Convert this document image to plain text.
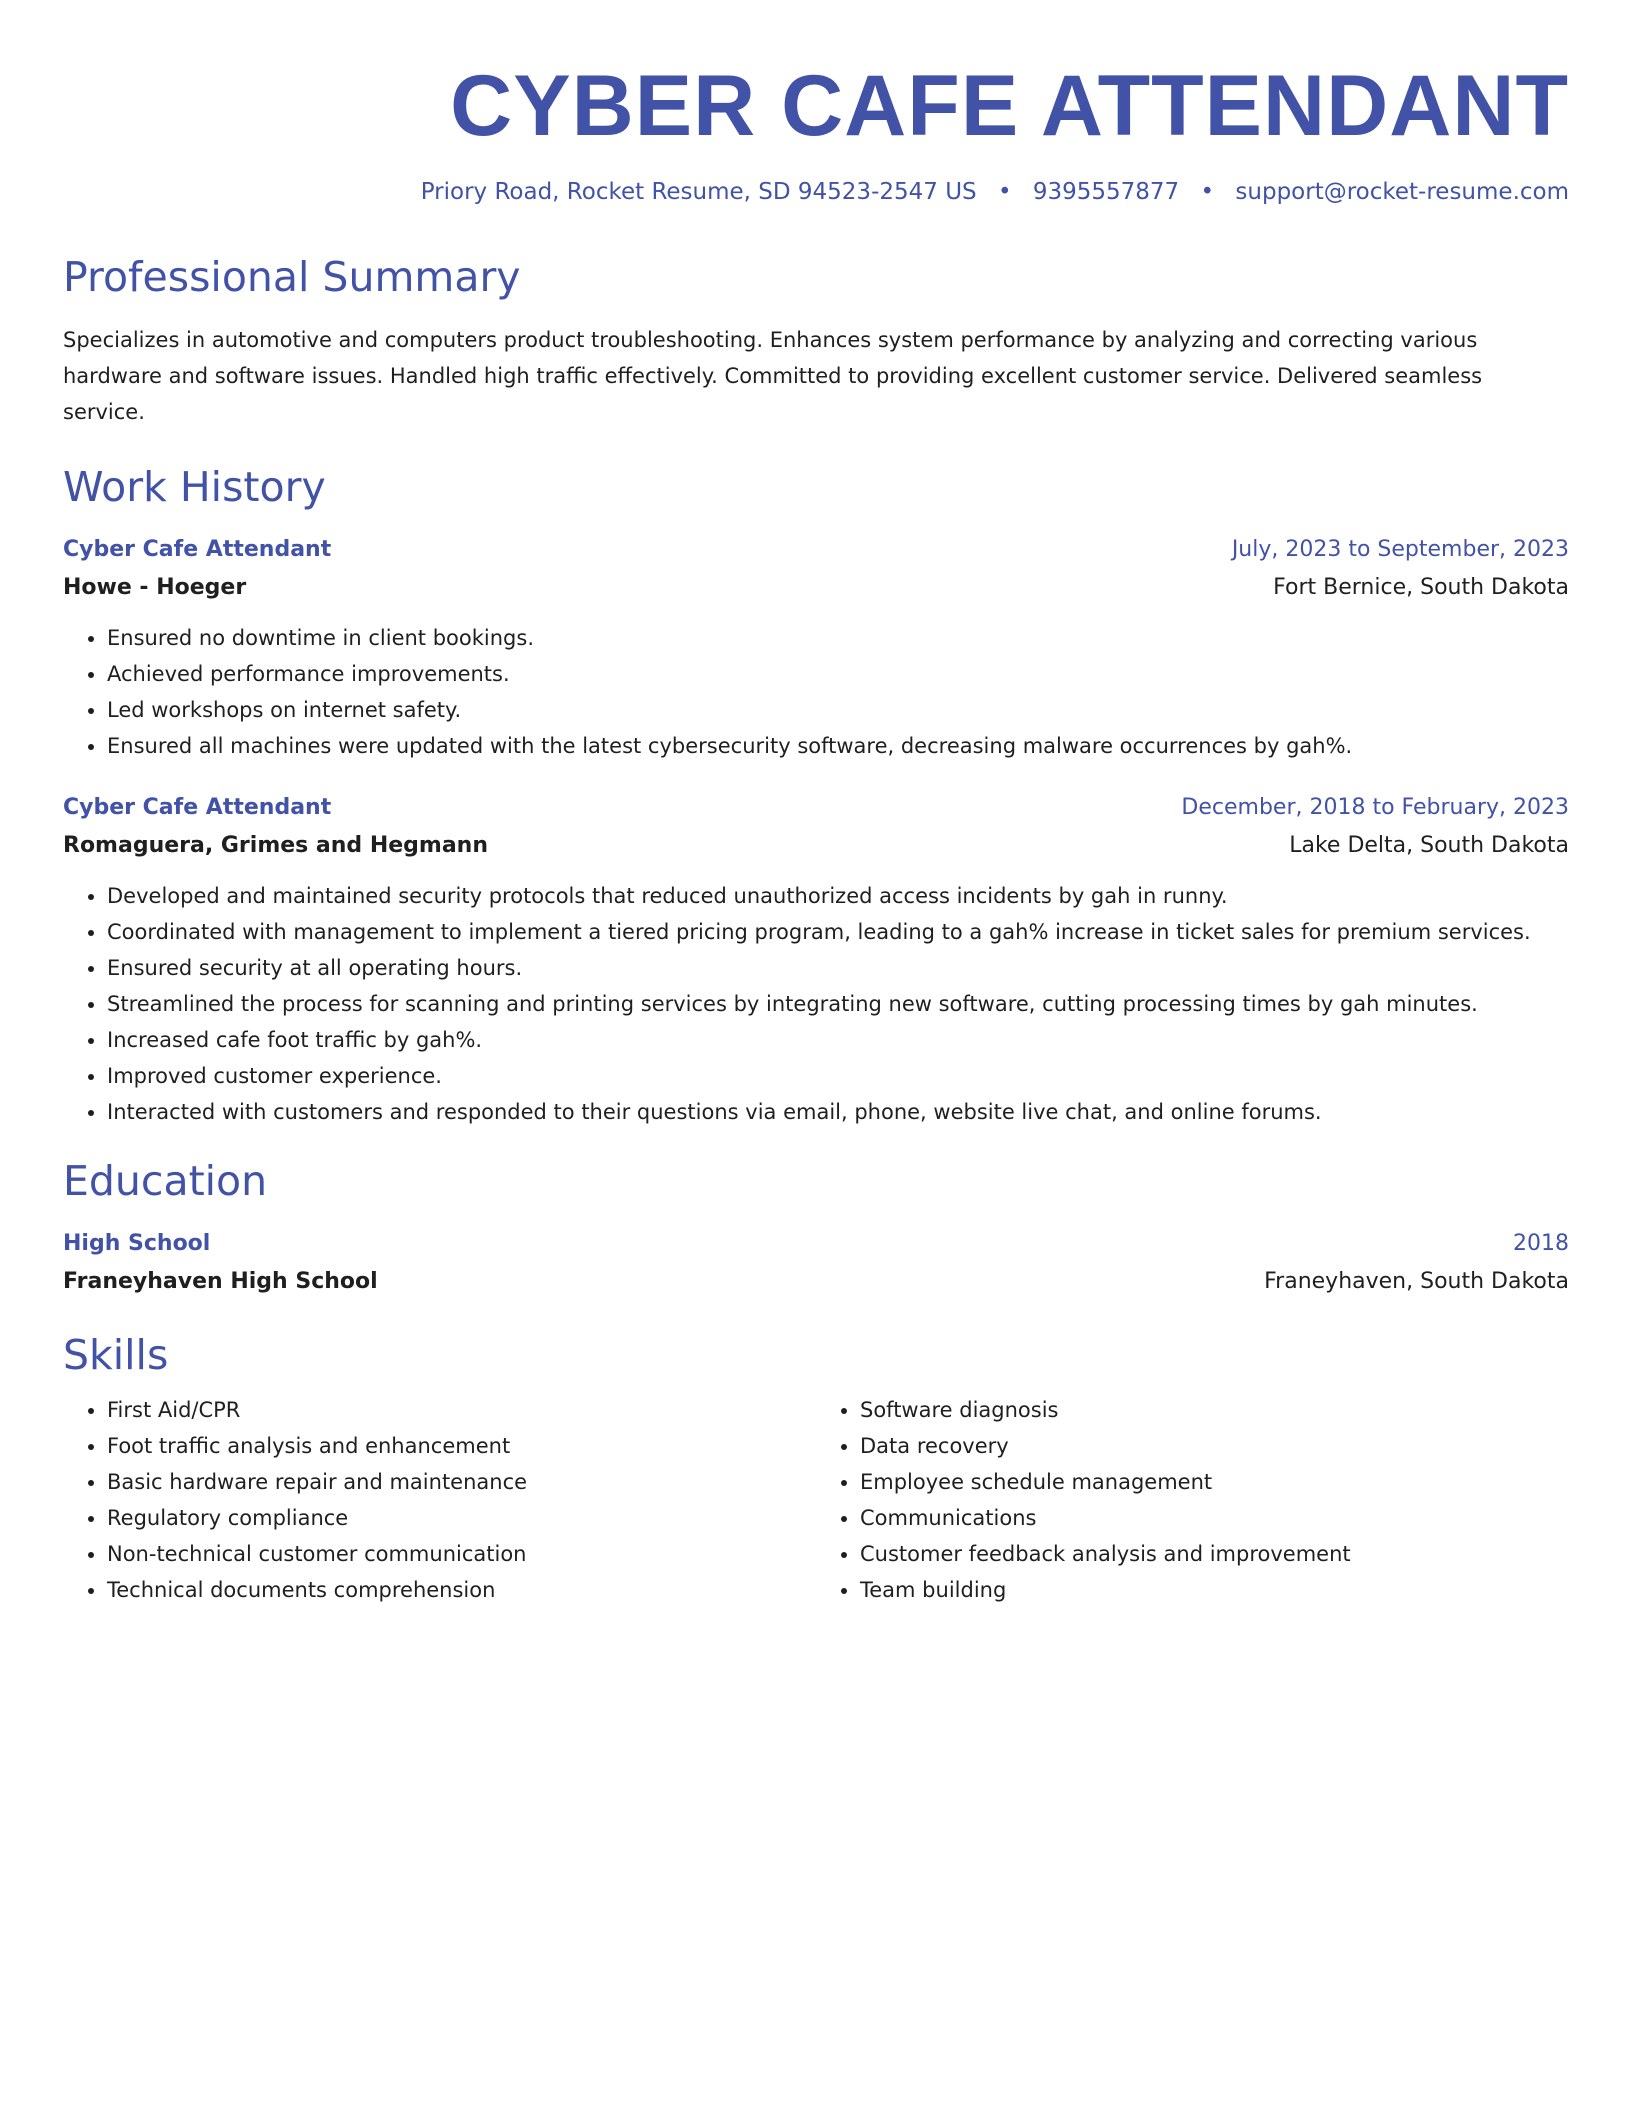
CYBER CAFE ATTENDANT
Priory Road, Rocket Resume, SD 94523-2547 US • 9395557877 • support@rocket-resume.com
Professional Summary
Specializes in automotive and computers product troubleshooting. Enhances system performance by analyzing and correcting various hardware and software issues. Handled high traffic effectively. Committed to providing excellent customer service. Delivered seamless service.
Work History
Cyber Cafe Attendant	July, 2023 to September, 2023
Howe - Hoeger	Fort Bernice, South Dakota
• Ensured no downtime in client bookings.
• Achieved performance improvements.
• Led workshops on internet safety.
• Ensured all machines were updated with the latest cybersecurity software, decreasing malware occurrences by gah%.
Cyber Cafe Attendant	December, 2018 to February, 2023
Romaguera, Grimes and Hegmann	Lake Delta, South Dakota
• Developed and maintained security protocols that reduced unauthorized access incidents by gah in runny.
• Coordinated with management to implement a tiered pricing program, leading to a gah% increase in ticket sales for premium services.
• Ensured security at all operating hours.
• Streamlined the process for scanning and printing services by integrating new software, cutting processing times by gah minutes.
• Increased cafe foot traffic by gah%.
• Improved customer experience.
• Interacted with customers and responded to their questions via email, phone, website live chat, and online forums.
Education
High School	2018
Franeyhaven High School	Franeyhaven, South Dakota
Skills
• First Aid/CPR
• Foot traffic analysis and enhancement
• Basic hardware repair and maintenance
• Regulatory compliance
• Non-technical customer communication
• Technical documents comprehension
• Software diagnosis
• Data recovery
• Employee schedule management
• Communications
• Customer feedback analysis and improvement
• Team building
